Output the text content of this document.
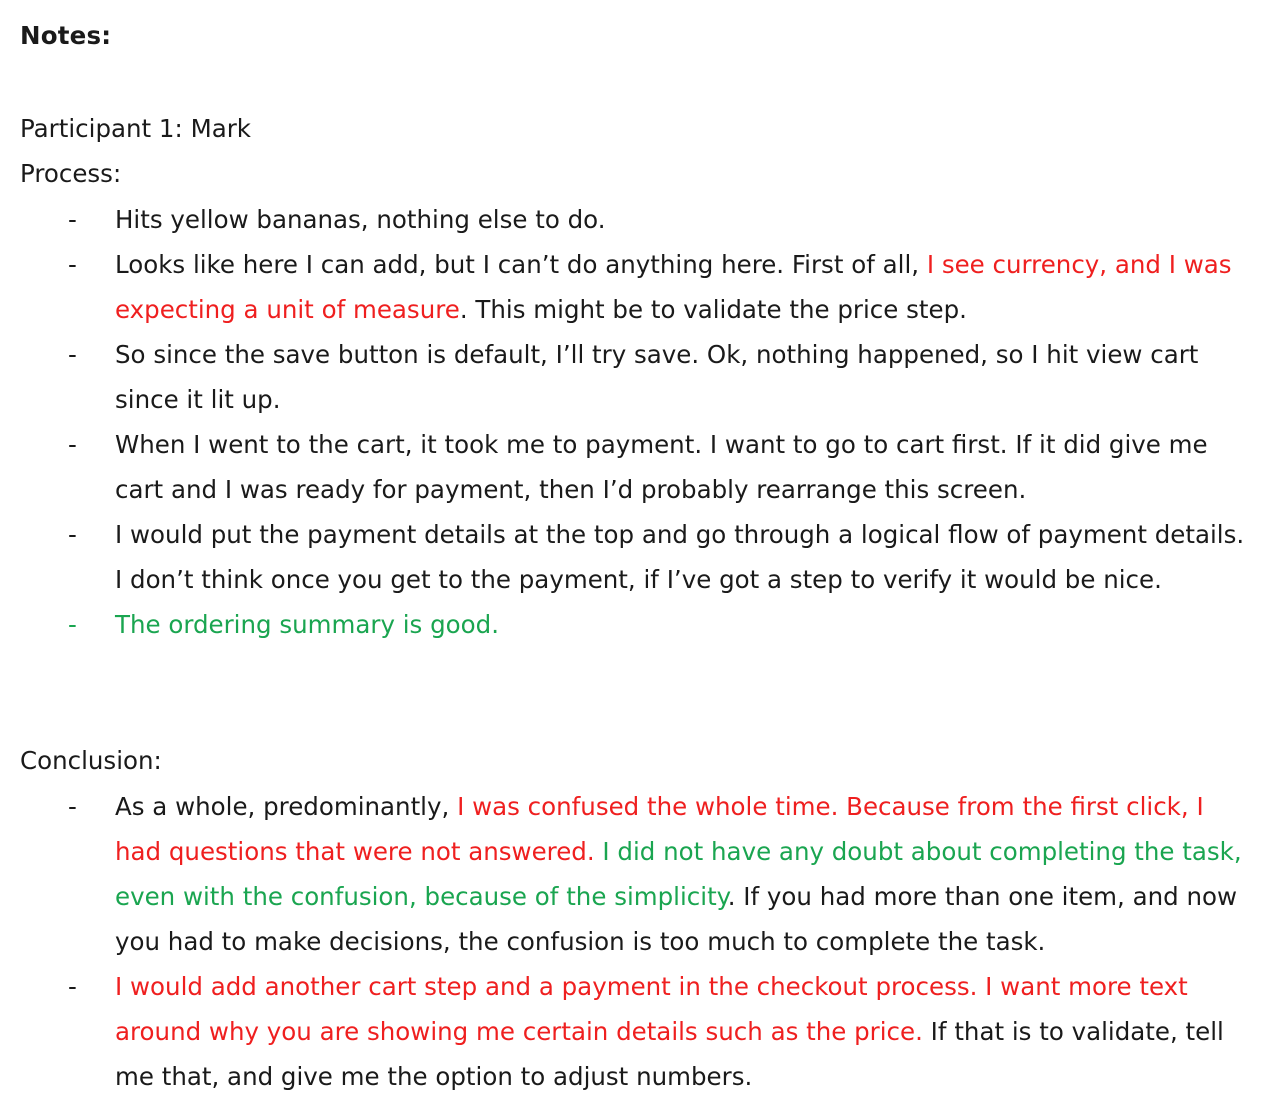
Notes:
Participant 1: Mark
Process:
- Hits yellow bananas, nothing else to do.
- Looks like here I can add, but I can’t do anything here. First of all, I see currency, and I was expecting a unit of measure. This might be to validate the price step.
- So since the save button is default, I’ll try save. Ok, nothing happened, so I hit view cart since it lit up.
- When I went to the cart, it took me to payment. I want to go to cart first. If it did give me cart and I was ready for payment, then I’d probably rearrange this screen.
- I would put the payment details at the top and go through a logical flow of payment details. I don’t think once you get to the payment, if I’ve got a step to verify it would be nice.
- The ordering summary is good.
Conclusion:
- As a whole, predominantly, I was confused the whole time. Because from the first click, I had questions that were not answered. I did not have any doubt about completing the task, even with the confusion, because of the simplicity. If you had more than one item, and now you had to make decisions, the confusion is too much to complete the task.
- I would add another cart step and a payment in the checkout process. I want more text around why you are showing me certain details such as the price. If that is to validate, tell me that, and give me the option to adjust numbers.
